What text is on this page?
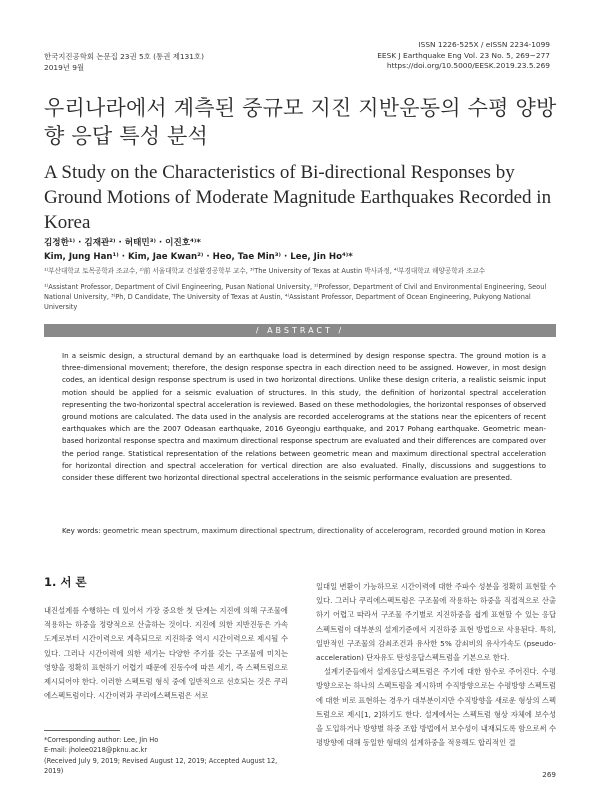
한국지진공학회 논문집 23권 5호 (통권 제131호)
2019년 9월
ISSN 1226-525X / eISSN 2234-1099
EESK J Earthquake Eng Vol. 23 No. 5, 269~277
https://doi.org/10.5000/EESK.2019.23.5.269
우리나라에서 계측된 중규모 지진 지반운동의 수평 양방향 응답 특성 분석
A Study on the Characteristics of Bi-directional Responses by Ground Motions of Moderate Magnitude Earthquakes Recorded in Korea
김정한¹⁾ · 김재관²⁾ · 허태민³⁾ · 이진호⁴⁾*
Kim, Jung Han¹⁾ · Kim, Jae Kwan²⁾ · Heo, Tae Min³⁾ · Lee, Jin Ho⁴⁾*
¹⁾부산대학교 토목공학과 조교수, ²⁾前 서울대학교 건설환경공학부 교수, ³⁾The University of Texas at Austin 박사과정, ⁴⁾부경대학교 해양공학과 조교수
¹⁾Assistant Professor, Department of Civil Engineering, Pusan National University, ²⁾Professor, Department of Civil and Environmental Engineering, Seoul National University, ³⁾Ph, D Candidate, The University of Texas at Austin, ⁴⁾Assistant Professor, Department of Ocean Engineering, Pukyong National University
/ ABSTRACT /

In a seismic design, a structural demand by an earthquake load is determined by design response spectra. The ground motion is a three-dimensional movement; therefore, the design response spectra in each direction need to be assigned. However, in most design codes, an identical design response spectrum is used in two horizontal directions. Unlike these design criteria, a realistic seismic input motion should be applied for a seismic evaluation of structures. In this study, the definition of horizontal spectral acceleration representing the two-horizontal spectral acceleration is reviewed. Based on these methodologies, the horizontal responses of observed ground motions are calculated. The data used in the analysis are recorded accelerograms at the stations near the epicenters of recent earthquakes which are the 2007 Odeasan earthquake, 2016 Gyeongju earthquake, and 2017 Pohang earthquake. Geometric mean-based horizontal response spectra and maximum directional response spectrum are evaluated and their differences are compared over the period range. Statistical representation of the relations between geometric mean and maximum directional spectral acceleration for horizontal direction and spectral acceleration for vertical direction are also evaluated. Finally, discussions and suggestions to consider these different two horizontal directional spectral accelerations in the seismic performance evaluation are presented.

Key words: geometric mean spectrum, maximum directional spectrum, directionality of accelerogram, recorded ground motion in Korea
1. 서 론

내진설계를 수행하는 데 있어서 가장 중요한 첫 단계는 지진에 의해 구조물에 적용하는 하중을 정량적으로 산출하는 것이다. 지진에 의한 지반진동은 가속도계로부터 시간이력으로 계측되므로 지진하중 역시 시간이력으로 제시될 수 있다. 그러나 시간이력에 의한 세기는 다양한 주기를 갖는 구조물에 미치는 영향을 정확히 표현하기 어렵기 때문에 진동수에 따른 세기, 즉 스펙트럼으로 제시되어야 한다. 이러한 스펙트럼 형식 중에 일반적으로 선호되는 것은 쿠리에스펙트럼이다. 시간이력과 쿠리에스펙트럼은 서로

일대일 변환이 가능하므로 시간이력에 대한 주파수 성분을 정확히 표현할 수 있다. 그러나 쿠리에스펙트럼은 구조물에 작용하는 하중을 직접적으로 산출하기 어렵고 따라서 구조물 주기별로 지진하중을 쉽게 표현할 수 있는 응답스펙트럼이 대부분의 설계기준에서 지진하중 표현 방법으로 사용된다. 특히, 일반적인 구조물의 감쇠조건과 유사한 5% 감쇠비의 유사가속도 (pseudo-acceleration) 단자유도 탄성응답스펙트럼을 기본으로 한다.

설계기준들에서 설계응답스펙트럼은 주기에 대한 함수로 주어진다. 수평방향으로는 하나의 스펙트럼을 제시하며 수직방향으로는 수평방향 스펙트럼에 대한 비로 표현하는 경우가 대부분이지만 수직방향을 새로운 형상의 스펙트럼으로 제시[1, 2]하기도 한다. 설계에서는 스펙트럼 형상 자체에 보수성을 도입하거나 방향별 하중 조합 방법에서 보수성이 내재되도록 함으로써 수평방향에 대해 동일한 형태의 설계하중을 적용해도 합리적인 결

*Corresponding author: Lee, Jin Ho
E-mail: jholee0218@pknu.ac.kr
(Received July 9, 2019; Revised August 12, 2019; Accepted August 12, 2019)	269
